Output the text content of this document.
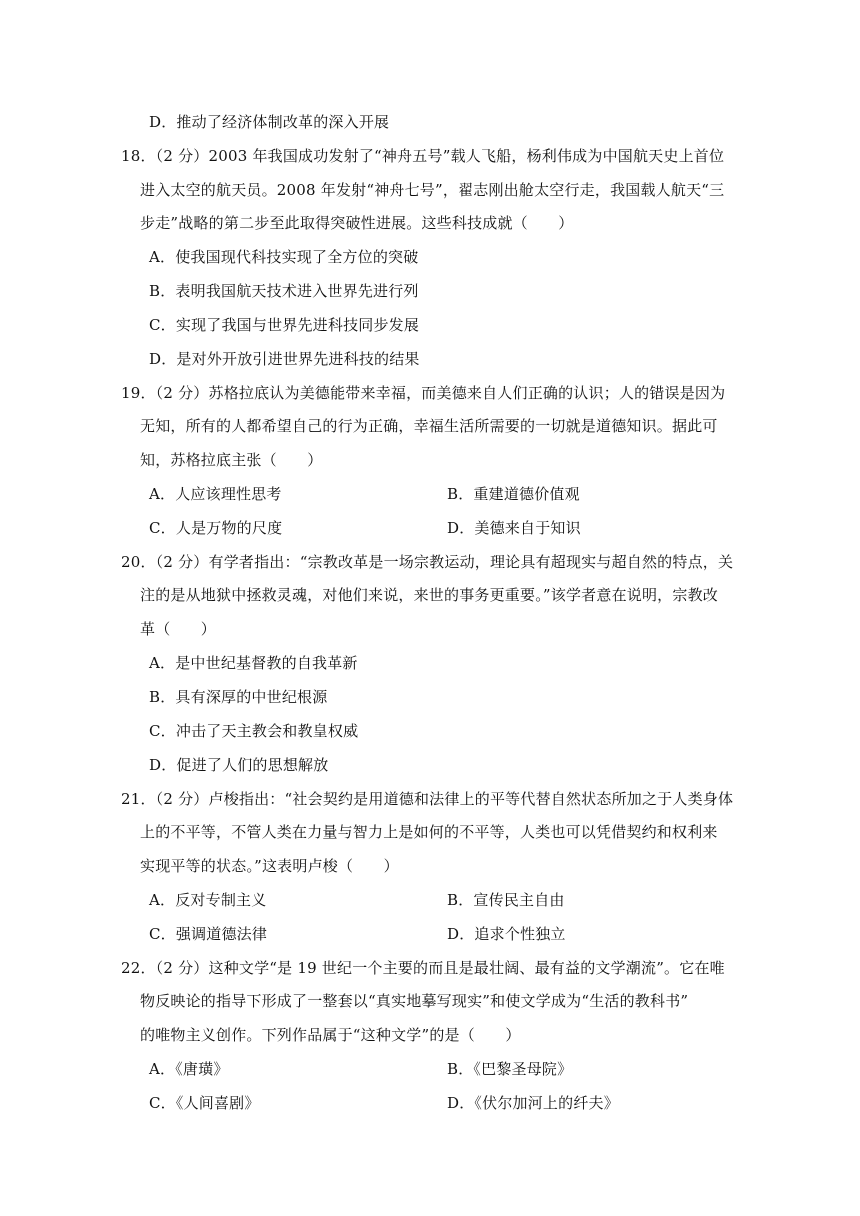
D．推动了经济体制改革的深入开展
18．（2 分）2003 年我国成功发射了“神舟五号”载人飞船，杨利伟成为中国航天史上首位
进入太空的航天员。2008 年发射“神舟七号”，翟志刚出舱太空行走，我国载人航天“三
步走”战略的第二步至此取得突破性进展。这些科技成就（　　）
A．使我国现代科技实现了全方位的突破
B．表明我国航天技术进入世界先进行列
C．实现了我国与世界先进科技同步发展
D．是对外开放引进世界先进科技的结果
19．（2 分）苏格拉底认为美德能带来幸福，而美德来自人们正确的认识；人的错误是因为
无知，所有的人都希望自己的行为正确，幸福生活所需要的一切就是道德知识。据此可
知，苏格拉底主张（　　）
A．人应该理性思考	B．重建道德价值观
C．人是万物的尺度	D．美德来自于知识
20．（2 分）有学者指出：“宗教改革是一场宗教运动，理论具有超现实与超自然的特点，关
注的是从地狱中拯救灵魂，对他们来说，来世的事务更重要。”该学者意在说明，宗教改
革（　　）
A．是中世纪基督教的自我革新
B．具有深厚的中世纪根源
C．冲击了天主教会和教皇权威
D．促进了人们的思想解放
21．（2 分）卢梭指出：“社会契约是用道德和法律上的平等代替自然状态所加之于人类身体
上的不平等，不管人类在力量与智力上是如何的不平等，人类也可以凭借契约和权利来
实现平等的状态。”这表明卢梭（　　）
A．反对专制主义	B．宣传民主自由
C．强调道德法律	D．追求个性独立
22．（2 分）这种文学“是 19 世纪一个主要的而且是最壮阔、最有益的文学潮流”。它在唯
物反映论的指导下形成了一整套以“真实地摹写现实”和使文学成为“生活的教科书”
的唯物主义创作。下列作品属于“这种文学”的是（　　）
A．《唐璜》	B．《巴黎圣母院》
C．《人间喜剧》	D．《伏尔加河上的纤夫》
